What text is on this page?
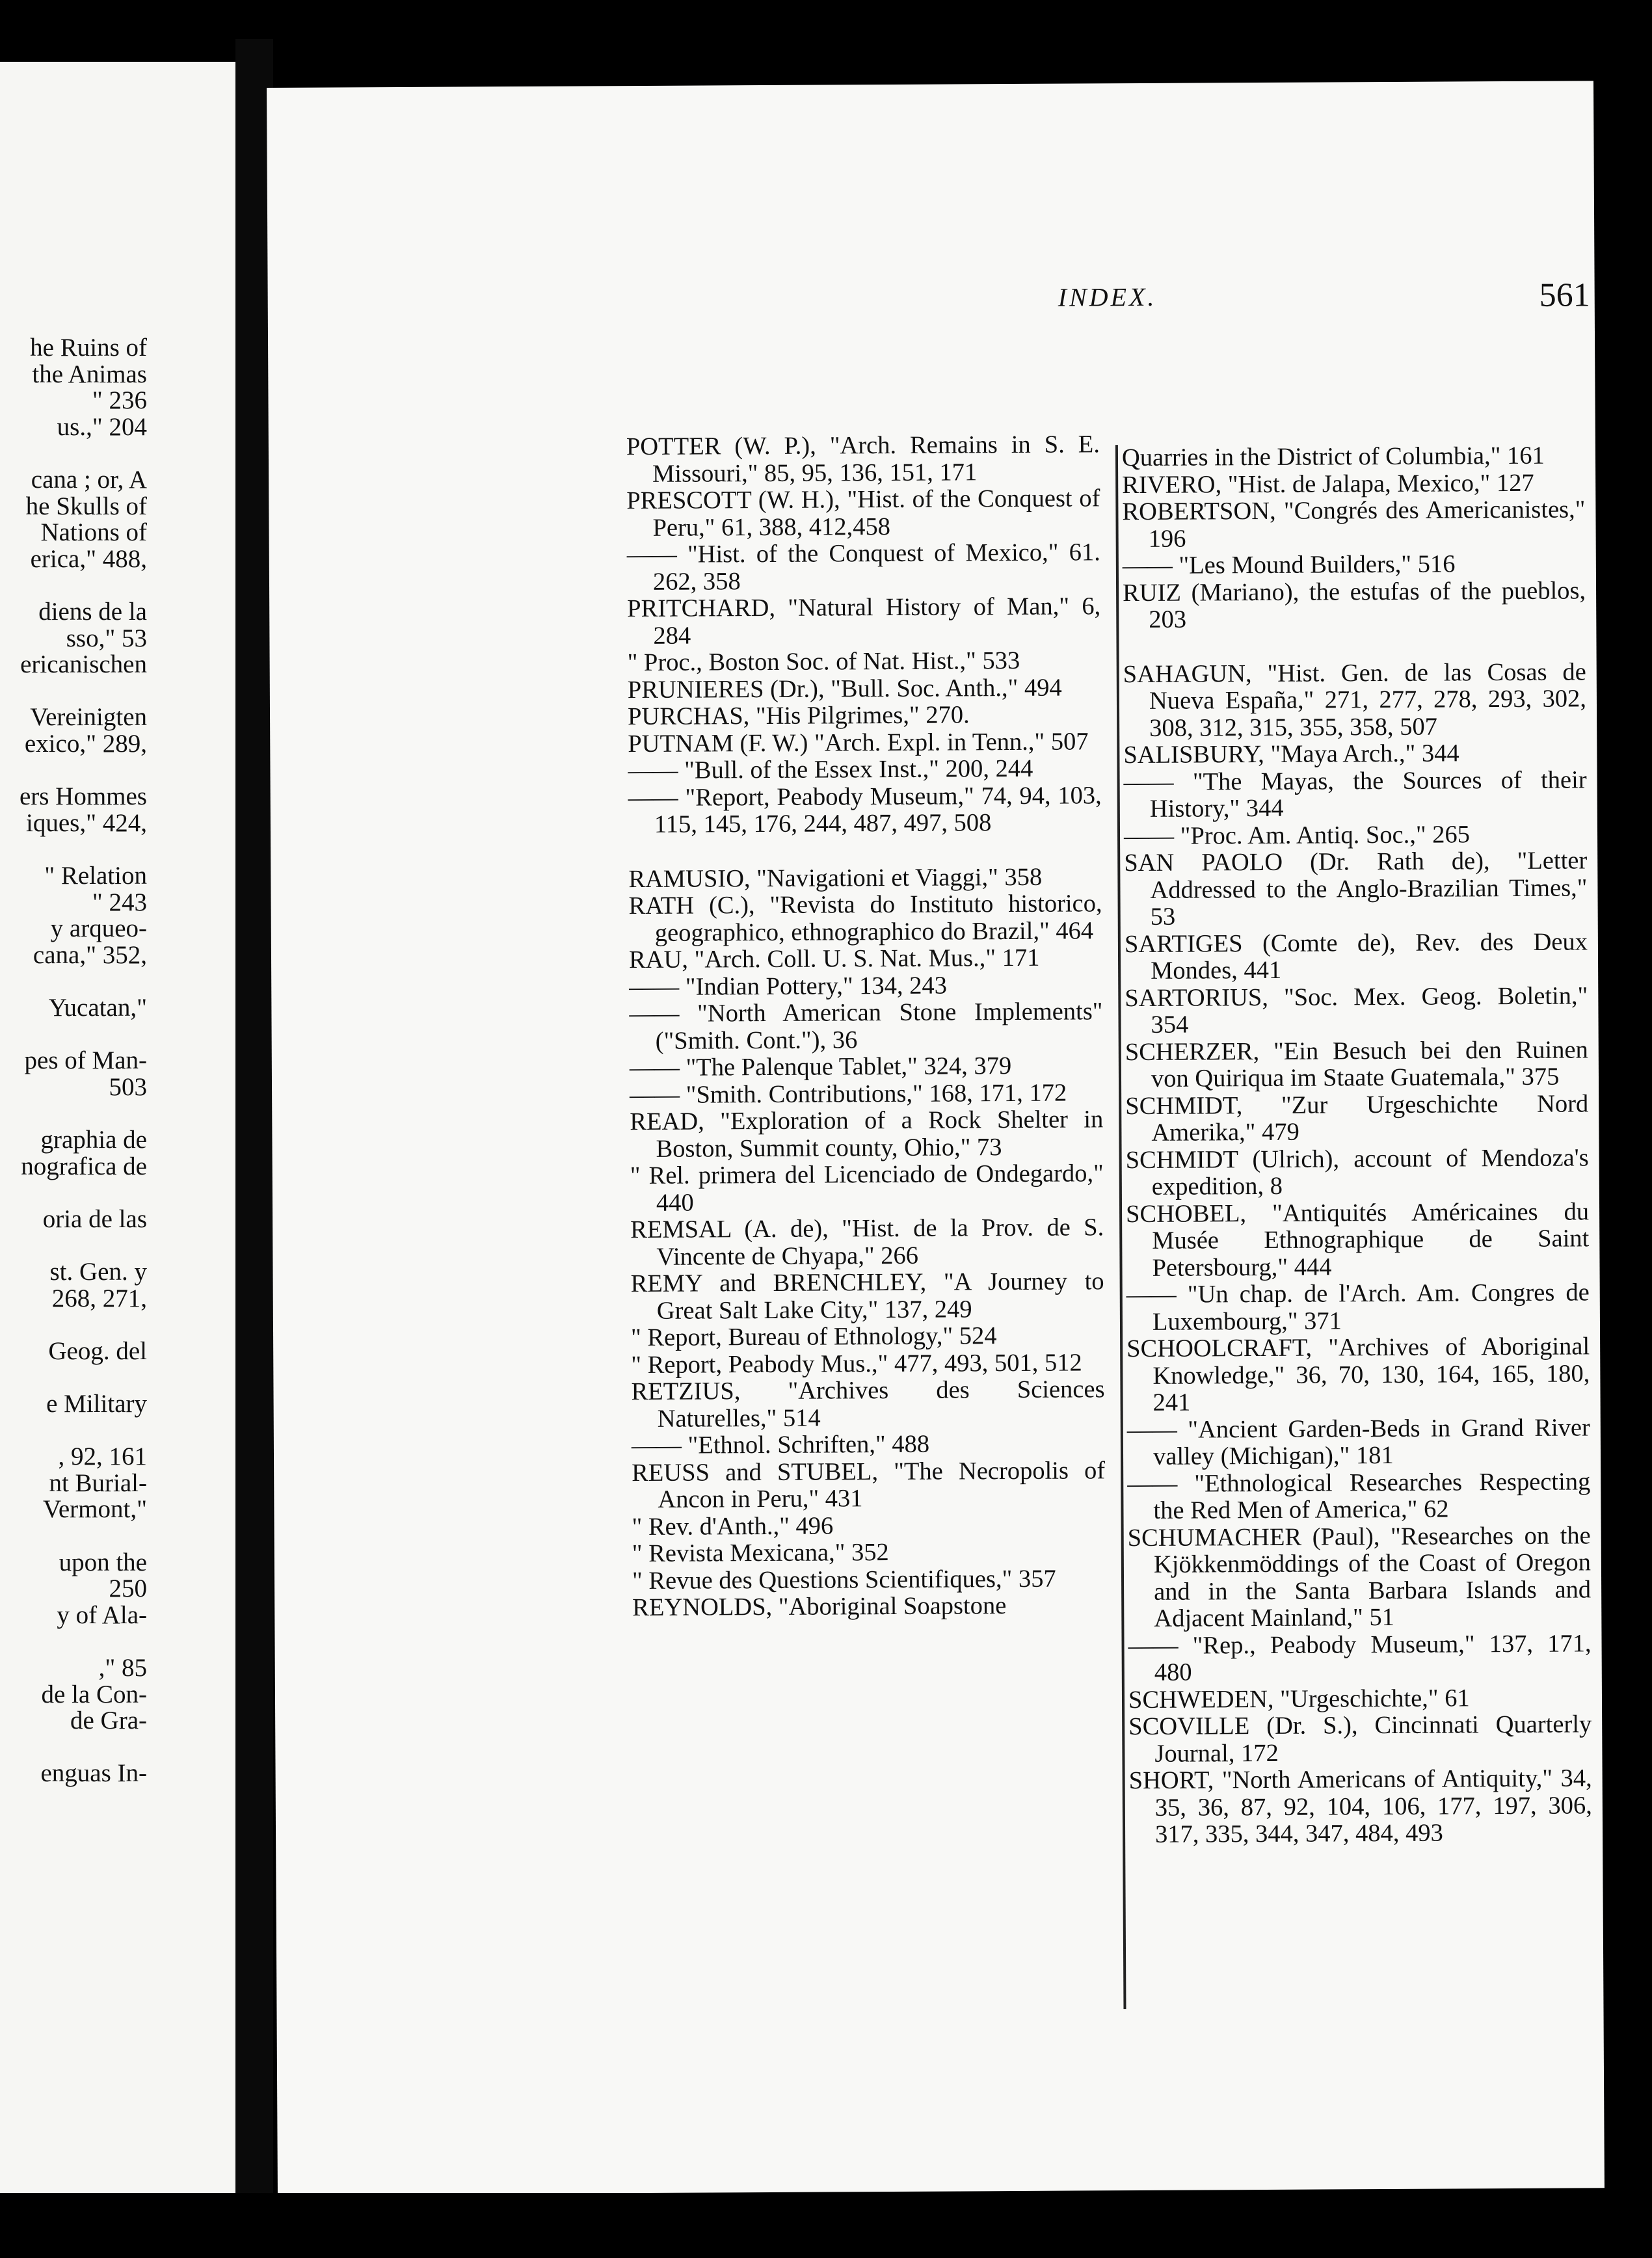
he Ruins of
the Animas
" 236
us.," 204
cana ; or, A
he Skulls of
Nations of
erica," 488,
diens de la
sso," 53
ericanischen
Vereinigten
exico," 289,
ers Hommes
iques," 424,
" Relation
" 243
y arqueo-
cana," 352,
Yucatan,"
pes of Man-
503
graphia de
nografica de
oria de las
st. Gen. y
268, 271,
Geog. del
e Military
, 92, 161
nt Burial-
Vermont,"
upon the
250
y of Ala-
," 85
de la Con-
de Gra-
enguas In-
INDEX.	561

POTTER (W. P.), "Arch. Remains in S. E. Missouri," 85, 95, 136, 151, 171

PRESCOTT (W. H.), "Hist. of the Conquest of Peru," 61, 388, 412,458

—— "Hist. of the Conquest of Mexico," 61. 262, 358

PRITCHARD, "Natural History of Man," 6, 284

" Proc., Boston Soc. of Nat. Hist.," 533

PRUNIERES (Dr.), "Bull. Soc. Anth.," 494

PURCHAS, "His Pilgrimes," 270.

PUTNAM (F. W.) "Arch. Expl. in Tenn.," 507

—— "Bull. of the Essex Inst.," 200, 244

—— "Report, Peabody Museum," 74, 94, 103, 115, 145, 176, 244, 487, 497, 508

RAMUSIO, "Navigationi et Viaggi," 358

RATH (C.), "Revista do Instituto historico, geographico, ethnographico do Brazil," 464

RAU, "Arch. Coll. U. S. Nat. Mus.," 171

—— "Indian Pottery," 134, 243

—— "North American Stone Implements" ("Smith. Cont."), 36

—— "The Palenque Tablet," 324, 379

—— "Smith. Contributions," 168, 171, 172

READ, "Exploration of a Rock Shelter in Boston, Summit county, Ohio," 73

" Rel. primera del Licenciado de Ondegardo," 440

REMSAL (A. de), "Hist. de la Prov. de S. Vincente de Chyapa," 266

REMY and BRENCHLEY, "A Journey to Great Salt Lake City," 137, 249

" Report, Bureau of Ethnology," 524

" Report, Peabody Mus.," 477, 493, 501, 512

RETZIUS, "Archives des Sciences Naturelles," 514

—— "Ethnol. Schriften," 488

REUSS and STUBEL, "The Necropolis of Ancon in Peru," 431

" Rev. d'Anth.," 496

" Revista Mexicana," 352

" Revue des Questions Scientifiques," 357

REYNOLDS, "Aboriginal Soapstone

Quarries in the District of Columbia," 161

RIVERO, "Hist. de Jalapa, Mexico," 127

ROBERTSON, "Congrés des Americanistes," 196

—— "Les Mound Builders," 516

RUIZ (Mariano), the estufas of the pueblos, 203

SAHAGUN, "Hist. Gen. de las Cosas de Nueva España," 271, 277, 278, 293, 302, 308, 312, 315, 355, 358, 507

SALISBURY, "Maya Arch.," 344

—— "The Mayas, the Sources of their History," 344

—— "Proc. Am. Antiq. Soc.," 265

SAN PAOLO (Dr. Rath de), "Letter Addressed to the Anglo-Brazilian Times," 53

SARTIGES (Comte de), Rev. des Deux Mondes, 441

SARTORIUS, "Soc. Mex. Geog. Boletin," 354

SCHERZER, "Ein Besuch bei den Ruinen von Quiriqua im Staate Guatemala," 375

SCHMIDT, "Zur Urgeschichte Nord Amerika," 479

SCHMIDT (Ulrich), account of Mendoza's expedition, 8

SCHOBEL, "Antiquités Américaines du Musée Ethnographique de Saint Petersbourg," 444

—— "Un chap. de l'Arch. Am. Congres de Luxembourg," 371

SCHOOLCRAFT, "Archives of Aboriginal Knowledge," 36, 70, 130, 164, 165, 180, 241

—— "Ancient Garden-Beds in Grand River valley (Michigan)," 181

—— "Ethnological Researches Respecting the Red Men of America," 62

SCHUMACHER (Paul), "Researches on the Kjökkenmöddings of the Coast of Oregon and in the Santa Barbara Islands and Adjacent Mainland," 51

—— "Rep., Peabody Museum," 137, 171, 480

SCHWEDEN, "Urgeschichte," 61

SCOVILLE (Dr. S.), Cincinnati Quarterly Journal, 172

SHORT, "North Americans of Antiquity," 34, 35, 36, 87, 92, 104, 106, 177, 197, 306, 317, 335, 344, 347, 484, 493
